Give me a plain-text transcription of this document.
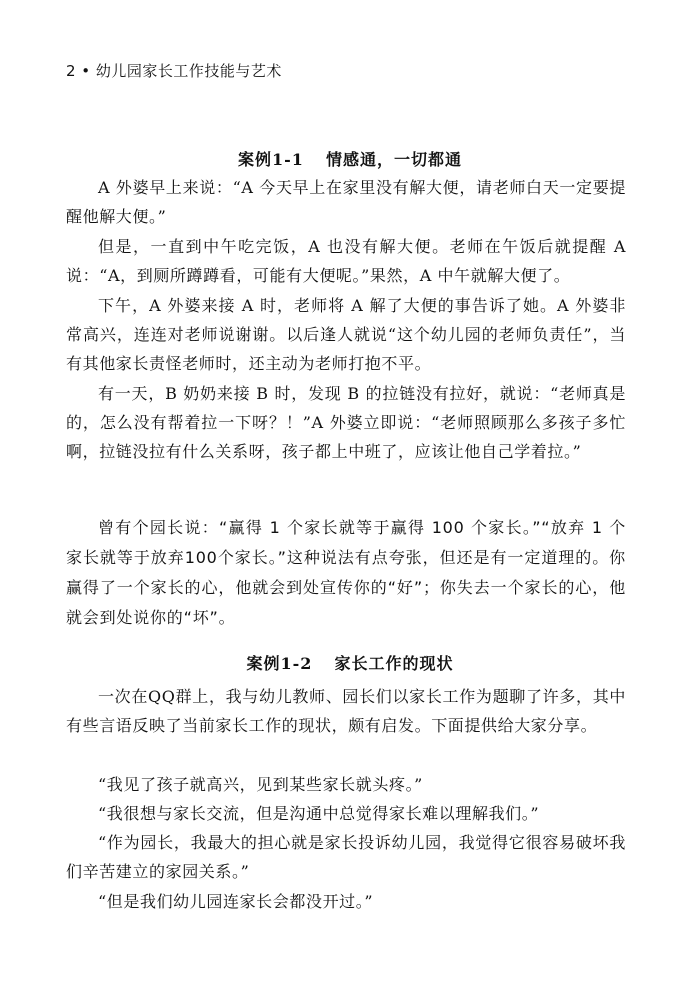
2 • 幼儿园家长工作技能与艺术
案例1-1 情感通，一切都通

A 外婆早上来说：“A 今天早上在家里没有解大便，请老师白天一定要提醒他解大便。”

但是，一直到中午吃完饭，A 也没有解大便。老师在午饭后就提醒 A 说：“A，到厕所蹲蹲看，可能有大便呢。”果然，A 中午就解大便了。

下午，A 外婆来接 A 时，老师将 A 解了大便的事告诉了她。A 外婆非常高兴，连连对老师说谢谢。以后逢人就说“这个幼儿园的老师负责任”，当有其他家长责怪老师时，还主动为老师打抱不平。

有一天，B 奶奶来接 B 时，发现 B 的拉链没有拉好，就说：“老师真是的，怎么没有帮着拉一下呀？！”A 外婆立即说：“老师照顾那么多孩子多忙啊，拉链没拉有什么关系呀，孩子都上中班了，应该让他自己学着拉。”

曾有个园长说：“赢得 1 个家长就等于赢得 100 个家长。”“放弃 1 个家长就等于放弃100个家长。”这种说法有点夸张，但还是有一定道理的。你赢得了一个家长的心，他就会到处宣传你的“好”；你失去一个家长的心，他就会到处说你的“坏”。

案例1-2 家长工作的现状

一次在QQ群上，我与幼儿教师、园长们以家长工作为题聊了许多，其中有些言语反映了当前家长工作的现状，颇有启发。下面提供给大家分享。

“我见了孩子就高兴，见到某些家长就头疼。”

“我很想与家长交流，但是沟通中总觉得家长难以理解我们。”

“作为园长，我最大的担心就是家长投诉幼儿园，我觉得它很容易破坏我们辛苦建立的家园关系。”

“但是我们幼儿园连家长会都没开过。”
